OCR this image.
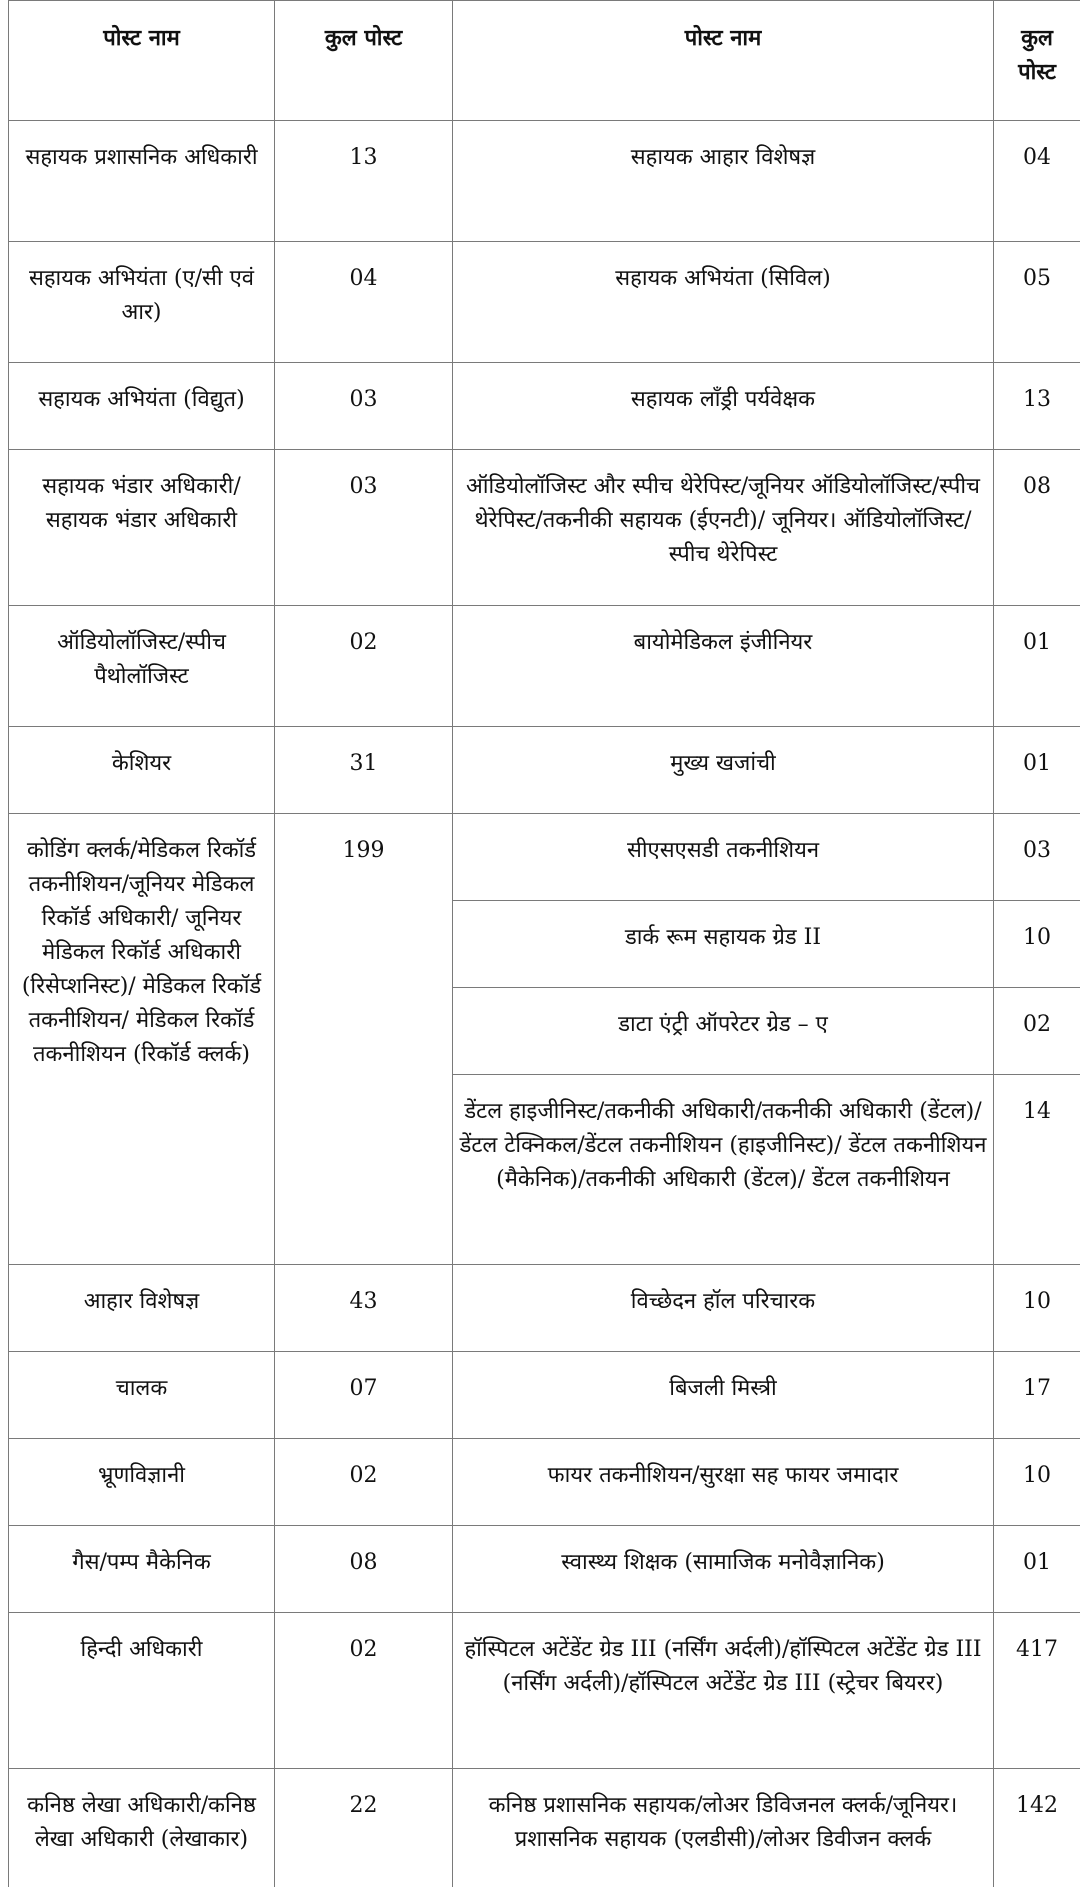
पोस्ट नाम	कुल पोस्ट	पोस्ट नाम	कुल पोस्ट
सहायक प्रशासनिक अधिकारी	13	सहायक आहार विशेषज्ञ	04
सहायक अभियंता (ए/सी एवं आर)	04	सहायक अभियंता (सिविल)	05
सहायक अभियंता (विद्युत)	03	सहायक लाँड्री पर्यवेक्षक	13
सहायक भंडार अधिकारी/ सहायक भंडार अधिकारी	03	ऑडियोलॉजिस्ट और स्पीच थेरेपिस्ट/जूनियर ऑडियोलॉजिस्ट/स्पीच थेरेपिस्ट/तकनीकी सहायक (ईएनटी)/ जूनियर। ऑडियोलॉजिस्ट/स्पीच थेरेपिस्ट	08
ऑडियोलॉजिस्ट/स्पीच पैथोलॉजिस्ट	02	बायोमेडिकल इंजीनियर	01
केशियर	31	मुख्य खजांची	01
कोडिंग क्लर्क/मेडिकल रिकॉर्ड तकनीशियन/जूनियर मेडिकल रिकॉर्ड अधिकारी/ जूनियर मेडिकल रिकॉर्ड अधिकारी (रिसेप्शनिस्ट)/ मेडिकल रिकॉर्ड तकनीशियन/ मेडिकल रिकॉर्ड तकनीशियन (रिकॉर्ड क्लर्क)	199	सीएसएसडी तकनीशियन	03
		डार्क रूम सहायक ग्रेड II	10
		डाटा एंट्री ऑपरेटर ग्रेड – ए	02
		डेंटल हाइजीनिस्ट/तकनीकी अधिकारी/तकनीकी अधिकारी (डेंटल)/डेंटल टेक्निकल/डेंटल तकनीशियन (हाइजीनिस्ट)/ डेंटल तकनीशियन (मैकेनिक)/तकनीकी अधिकारी (डेंटल)/ डेंटल तकनीशियन	14
आहार विशेषज्ञ	43	विच्छेदन हॉल परिचारक	10
चालक	07	बिजली मिस्त्री	17
भ्रूणविज्ञानी	02	फायर तकनीशियन/सुरक्षा सह फायर जमादार	10
गैस/पम्प मैकेनिक	08	स्वास्थ्य शिक्षक (सामाजिक मनोवैज्ञानिक)	01
हिन्दी अधिकारी	02	हॉस्पिटल अटेंडेंट ग्रेड III (नर्सिंग अर्दली)/हॉस्पिटल अटेंडेंट ग्रेड III (नर्सिंग अर्दली)/हॉस्पिटल अटेंडेंट ग्रेड III (स्ट्रेचर बियरर)	417
कनिष्ठ लेखा अधिकारी/कनिष्ठ लेखा अधिकारी (लेखाकार)	22	कनिष्ठ प्रशासनिक सहायक/लोअर डिविजनल क्लर्क/जूनियर। प्रशासनिक सहायक (एलडीसी)/लोअर डिवीजन क्लर्क	142
